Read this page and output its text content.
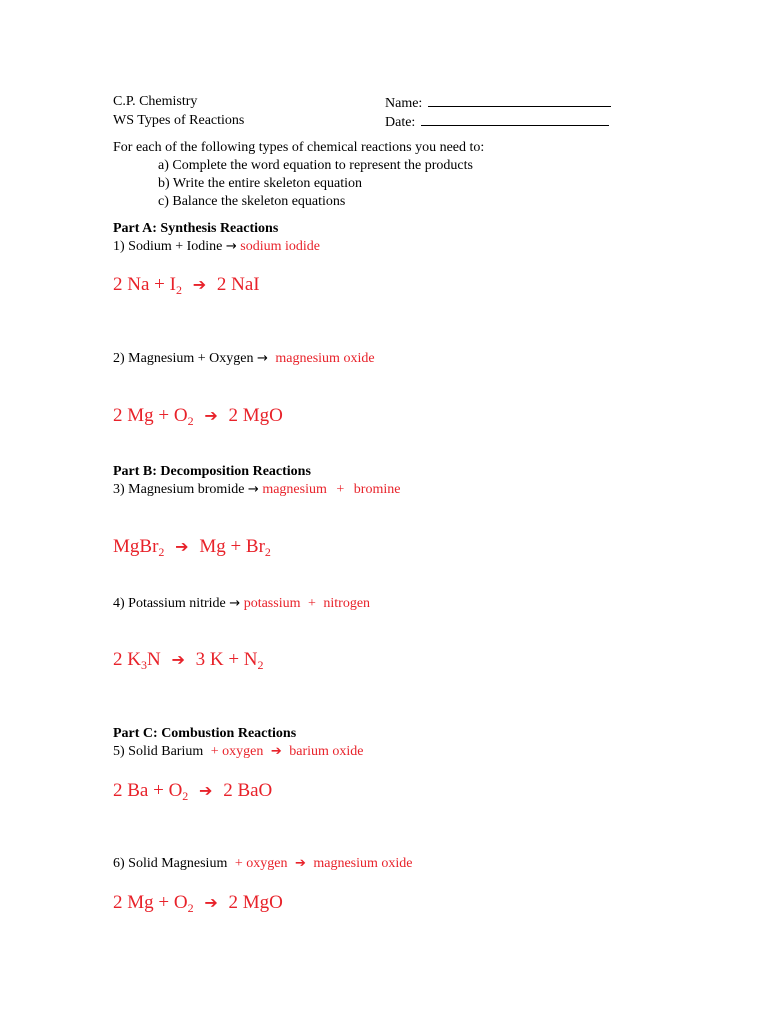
C.P. Chemistry
WS Types of Reactions
Name:
Date:
For each of the following types of chemical reactions you need to:
a) Complete the word equation to represent the products
b) Write the entire skeleton equation
c) Balance the skeleton equations
Part A: Synthesis Reactions
1) Sodium + Iodine → sodium iodide
2 $Na + I_2$ ➔ 2 NaI
2) Magnesium + Oxygen → magnesium oxide
2 $Mg + O_2$ ➔ 2 MgO
Part B: Decomposition Reactions
3) Magnesium bromide → magnesium + bromine
MgBr$_2$ ➔ $Mg + Br_2$
4) Potassium nitride → potassium + nitrogen
2 $K_3N$ ➔ 3 $K + N_2$
Part C: Combustion Reactions
5) Solid Barium + oxygen ➔ barium oxide
2 $Ba + O_2$ ➔ 2 BaO
6) Solid Magnesium + oxygen ➔ magnesium oxide
2 $Mg + O_2$ ➔ 2 MgO
